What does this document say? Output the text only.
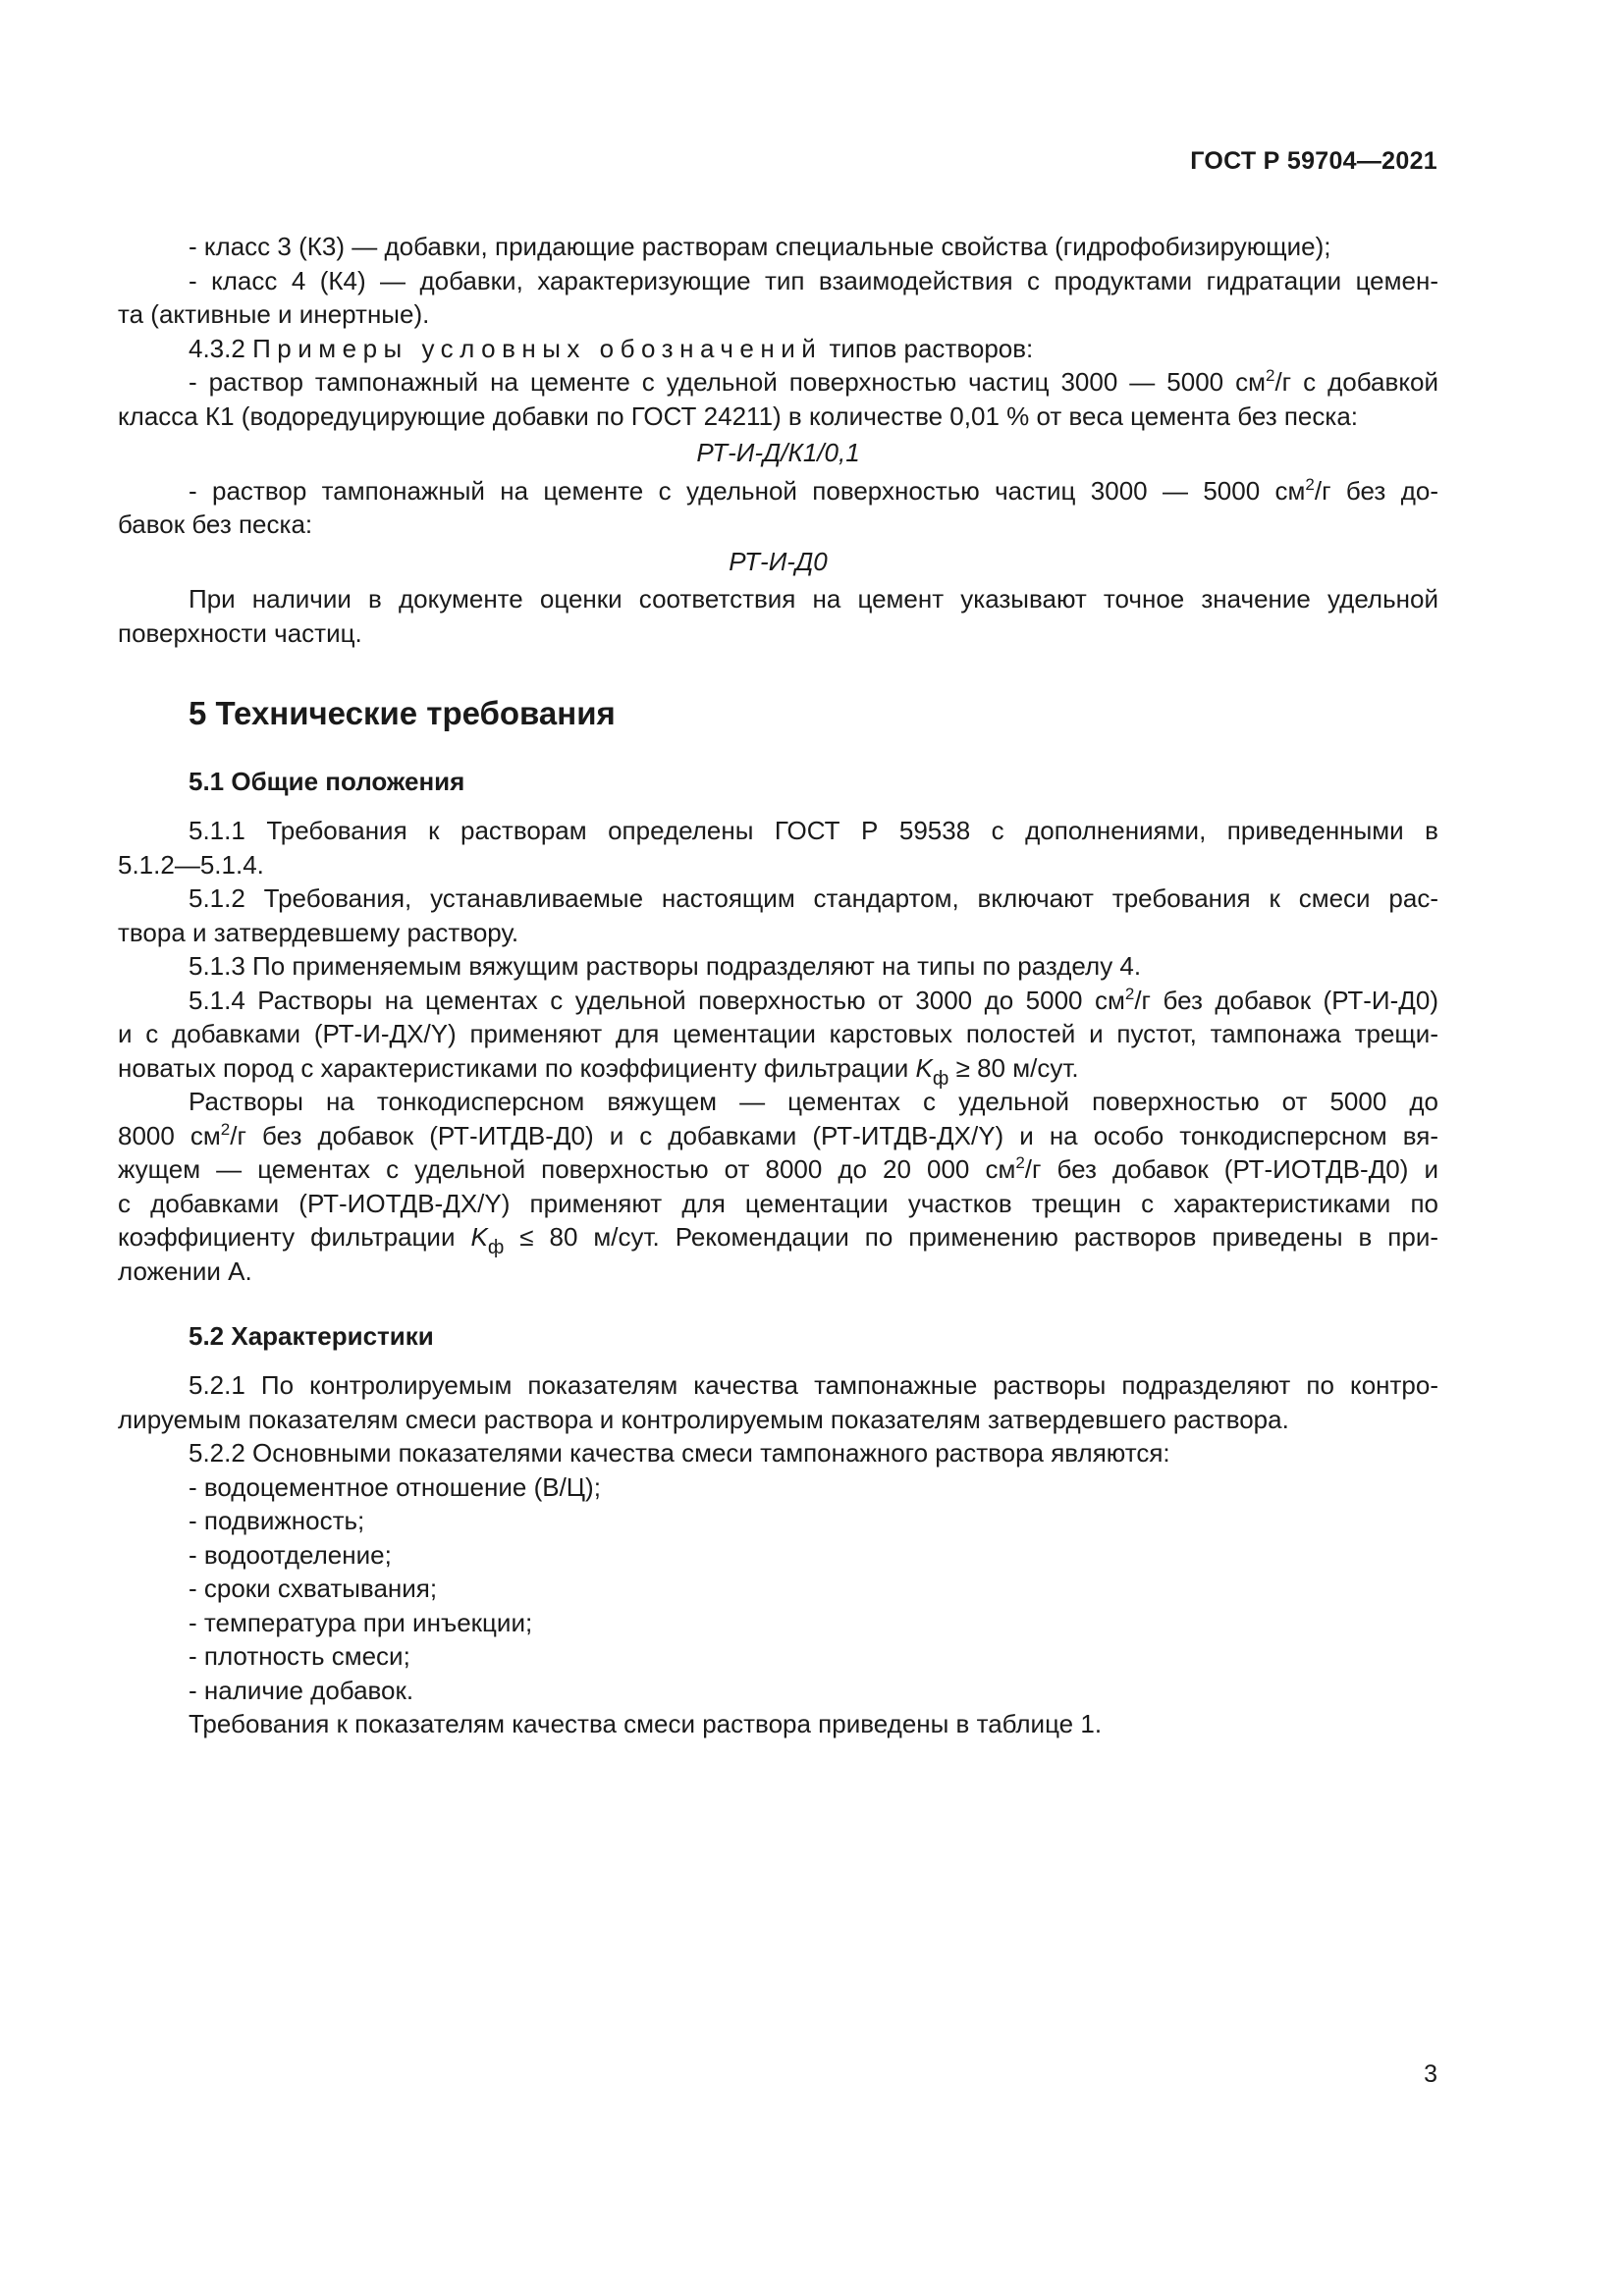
ГОСТ Р 59704—2021

- класс 3 (К3) — добавки, придающие растворам специальные свойства (гидрофобизирующие);

- класс 4 (К4) — добавки, характеризующие тип взаимодействия с продуктами гидратации цемен-

та (активные и инертные).

4.3.2 Примеры условных обозначений типов растворов:

- раствор тампонажный на цементе с удельной поверхностью частиц 3000 — 5000 $см^2/г$ с добавкой

класса К1 (водоредуцирующие добавки по ГОСТ 24211) в количестве 0,01 % от веса цемента без песка:

РТ-И-Д/К1/0,1

- раствор тампонажный на цементе с удельной поверхностью частиц 3000 — 5000 $см^2/г$ без до-

бавок без песка:

РТ-И-Д0

При наличии в документе оценки соответствия на цемент указывают точное значение удельной

поверхности частиц.

5 Технические требования
5.1 Общие положения

5.1.1 Требования к растворам определены ГОСТ Р 59538 с дополнениями, приведенными в

5.1.2—5.1.4.

5.1.2 Требования, устанавливаемые настоящим стандартом, включают требования к смеси рас-

твора и затвердевшему раствору.

5.1.3 По применяемым вяжущим растворы подразделяют на типы по разделу 4.

5.1.4 Растворы на цементах с удельной поверхностью от 3000 до 5000 $см^2/г$ без добавок (РТ-И-Д0)

и с добавками (РТ-И-ДХ/Y) применяют для цементации карстовых полостей и пустот, тампонажа трещи-

новатых пород с характеристиками по коэффициенту фильтрации $K_ф \ge 80$ м/сут.

Растворы на тонкодисперсном вяжущем — цементах с удельной поверхностью от 5000 до

8000 $см^2/г$ без добавок (РТ-ИТДВ-Д0) и с добавками (РТ-ИТДВ-ДХ/Y) и на особо тонкодисперсном вя-

жущем — цементах с удельной поверхностью от 8000 до 20 000 $см^2/г$ без добавок (РТ-ИОТДВ-Д0) и

с добавками (РТ-ИОТДВ-ДХ/Y) применяют для цементации участков трещин с характеристиками по

коэффициенту фильтрации $K_ф \le 80$ м/сут. Рекомендации по применению растворов приведены в при-

ложении А.

5.2 Характеристики

5.2.1 По контролируемым показателям качества тампонажные растворы подразделяют по контро-

лируемым показателям смеси раствора и контролируемым показателям затвердевшего раствора.

5.2.2 Основными показателями качества смеси тампонажного раствора являются:

- водоцементное отношение (В/Ц);

- подвижность;

- водоотделение;

- сроки схватывания;

- температура при инъекции;

- плотность смеси;

- наличие добавок.

Требования к показателям качества смеси раствора приведены в таблице 1.

3
